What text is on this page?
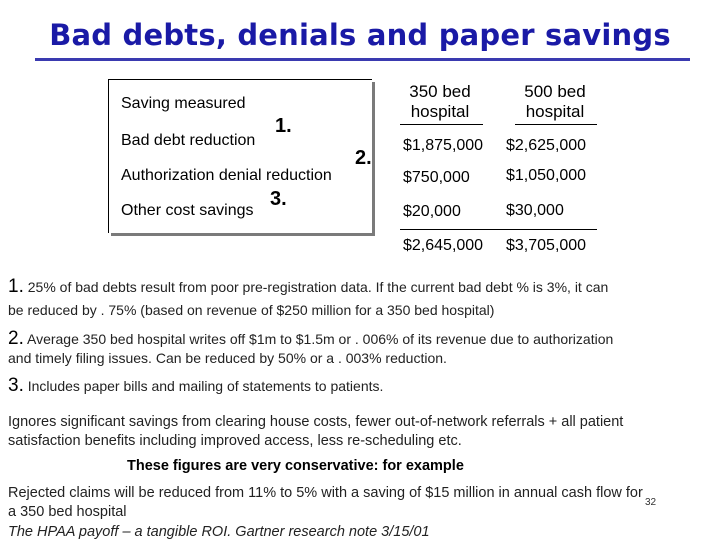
Bad debts, denials and paper savings
Saving measured
Bad debt reduction
1.
Authorization denial reduction
2.
Other cost savings
3.
350 bed
hospital
500 bed
hospital
$1,875,000 $2,625,000
$750,000 $1,050,000
$20,000	$30,000
$2,645,000 $3,705,000
1. 25% of bad debts result from poor pre-registration data. If the current bad debt % is 3%, it can
be reduced by . 75% (based on revenue of $250 million for a 350 bed hospital)
2. Average 350 bed hospital writes off $1m to $1.5m or . 006% of its revenue due to authorization
and timely filing issues. Can be reduced by 50% or a . 003% reduction.
3. Includes paper bills and mailing of statements to patients.
Ignores significant savings from clearing house costs, fewer out-of-network referrals + all patient
satisfaction benefits including improved access, less re-scheduling etc.
These figures are very conservative: for example
Rejected claims will be reduced from 11% to 5% with a saving of $15 million in annual cash flow for
a 350 bed hospital
32
The HPAA payoff – a tangible ROI. Gartner research note 3/15/01
